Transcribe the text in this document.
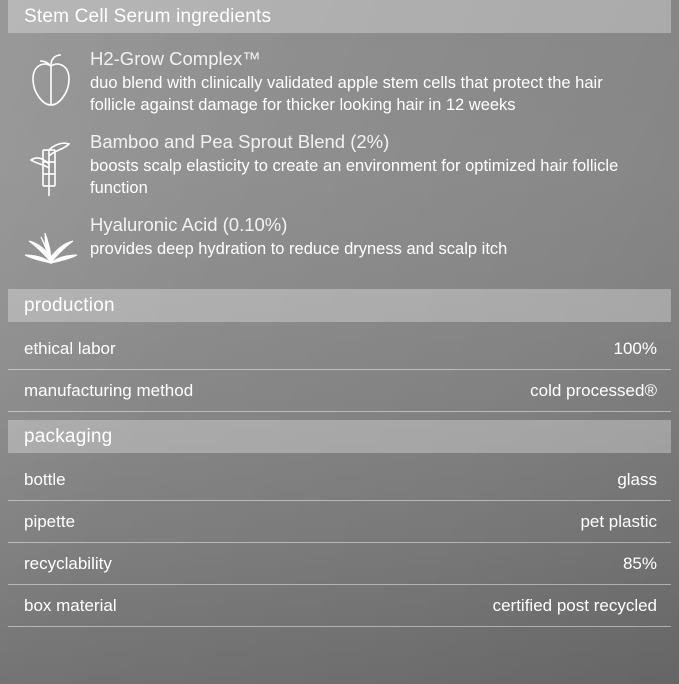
Stem Cell Serum ingredients
H2-Grow Complex™
duo blend with clinically validated apple stem cells that protect the hair follicle against damage for thicker looking hair in 12 weeks
Bamboo and Pea Sprout Blend (2%)
boosts scalp elasticity to create an environment for optimized hair follicle function
Hyaluronic Acid (0.10%)
provides deep hydration to reduce dryness and scalp itch
production
ethical labor	100%
manufacturing method	cold processed®
packaging
bottle	glass
pipette	pet plastic
recyclability	85%
box material	certified post recycled
